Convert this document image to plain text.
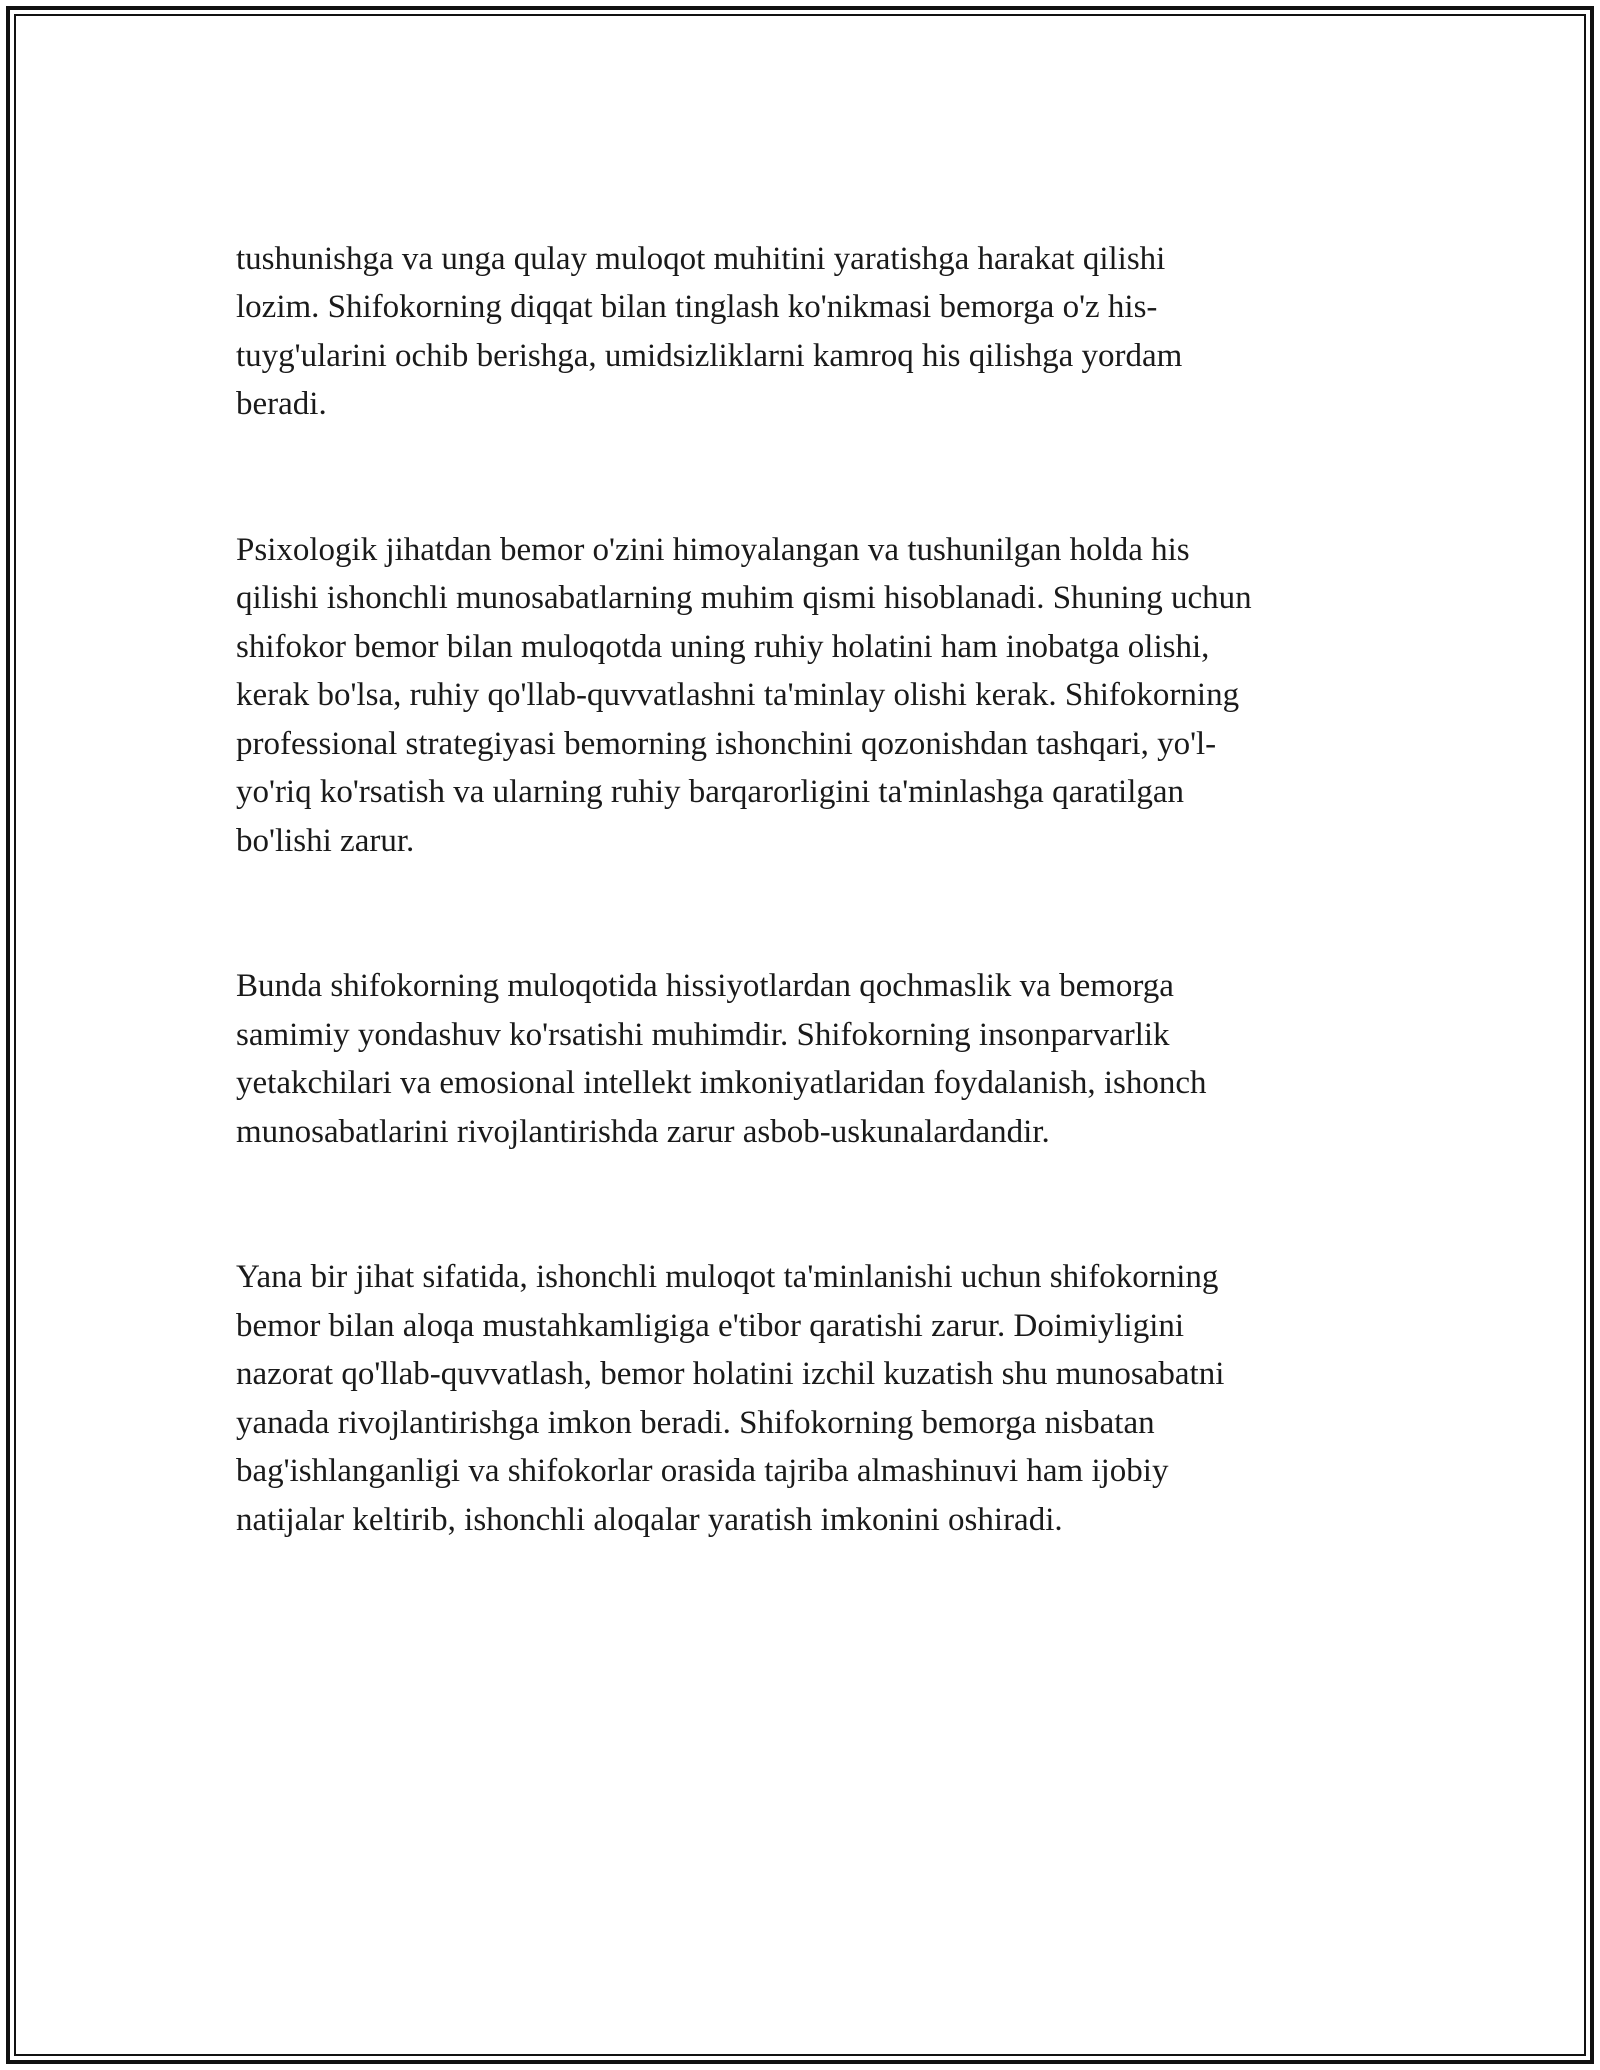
tushunishga va unga qulay muloqot muhitini yaratishga harakat qilishi
lozim. Shifokorning diqqat bilan tinglash ko'nikmasi bemorga o'z his-
tuyg'ularini ochib berishga, umidsizliklarni kamroq his qilishga yordam
beradi.

Psixologik jihatdan bemor o'zini himoyalangan va tushunilgan holda his
qilishi ishonchli munosabatlarning muhim qismi hisoblanadi. Shuning uchun
shifokor bemor bilan muloqotda uning ruhiy holatini ham inobatga olishi,
kerak bo'lsa, ruhiy qo'llab-quvvatlashni ta'minlay olishi kerak. Shifokorning
professional strategiyasi bemorning ishonchini qozonishdan tashqari, yo'l-
yo'riq ko'rsatish va ularning ruhiy barqarorligini ta'minlashga qaratilgan
bo'lishi zarur.

Bunda shifokorning muloqotida hissiyotlardan qochmaslik va bemorga
samimiy yondashuv ko'rsatishi muhimdir. Shifokorning insonparvarlik
yetakchilari va emosional intellekt imkoniyatlaridan foydalanish, ishonch
munosabatlarini rivojlantirishda zarur asbob-uskunalardandir.

Yana bir jihat sifatida, ishonchli muloqot ta'minlanishi uchun shifokorning
bemor bilan aloqa mustahkamligiga e'tibor qaratishi zarur. Doimiyligini
nazorat qo'llab-quvvatlash, bemor holatini izchil kuzatish shu munosabatni
yanada rivojlantirishga imkon beradi. Shifokorning bemorga nisbatan
bag'ishlanganligi va shifokorlar orasida tajriba almashinuvi ham ijobiy
natijalar keltirib, ishonchli aloqalar yaratish imkonini oshiradi.
